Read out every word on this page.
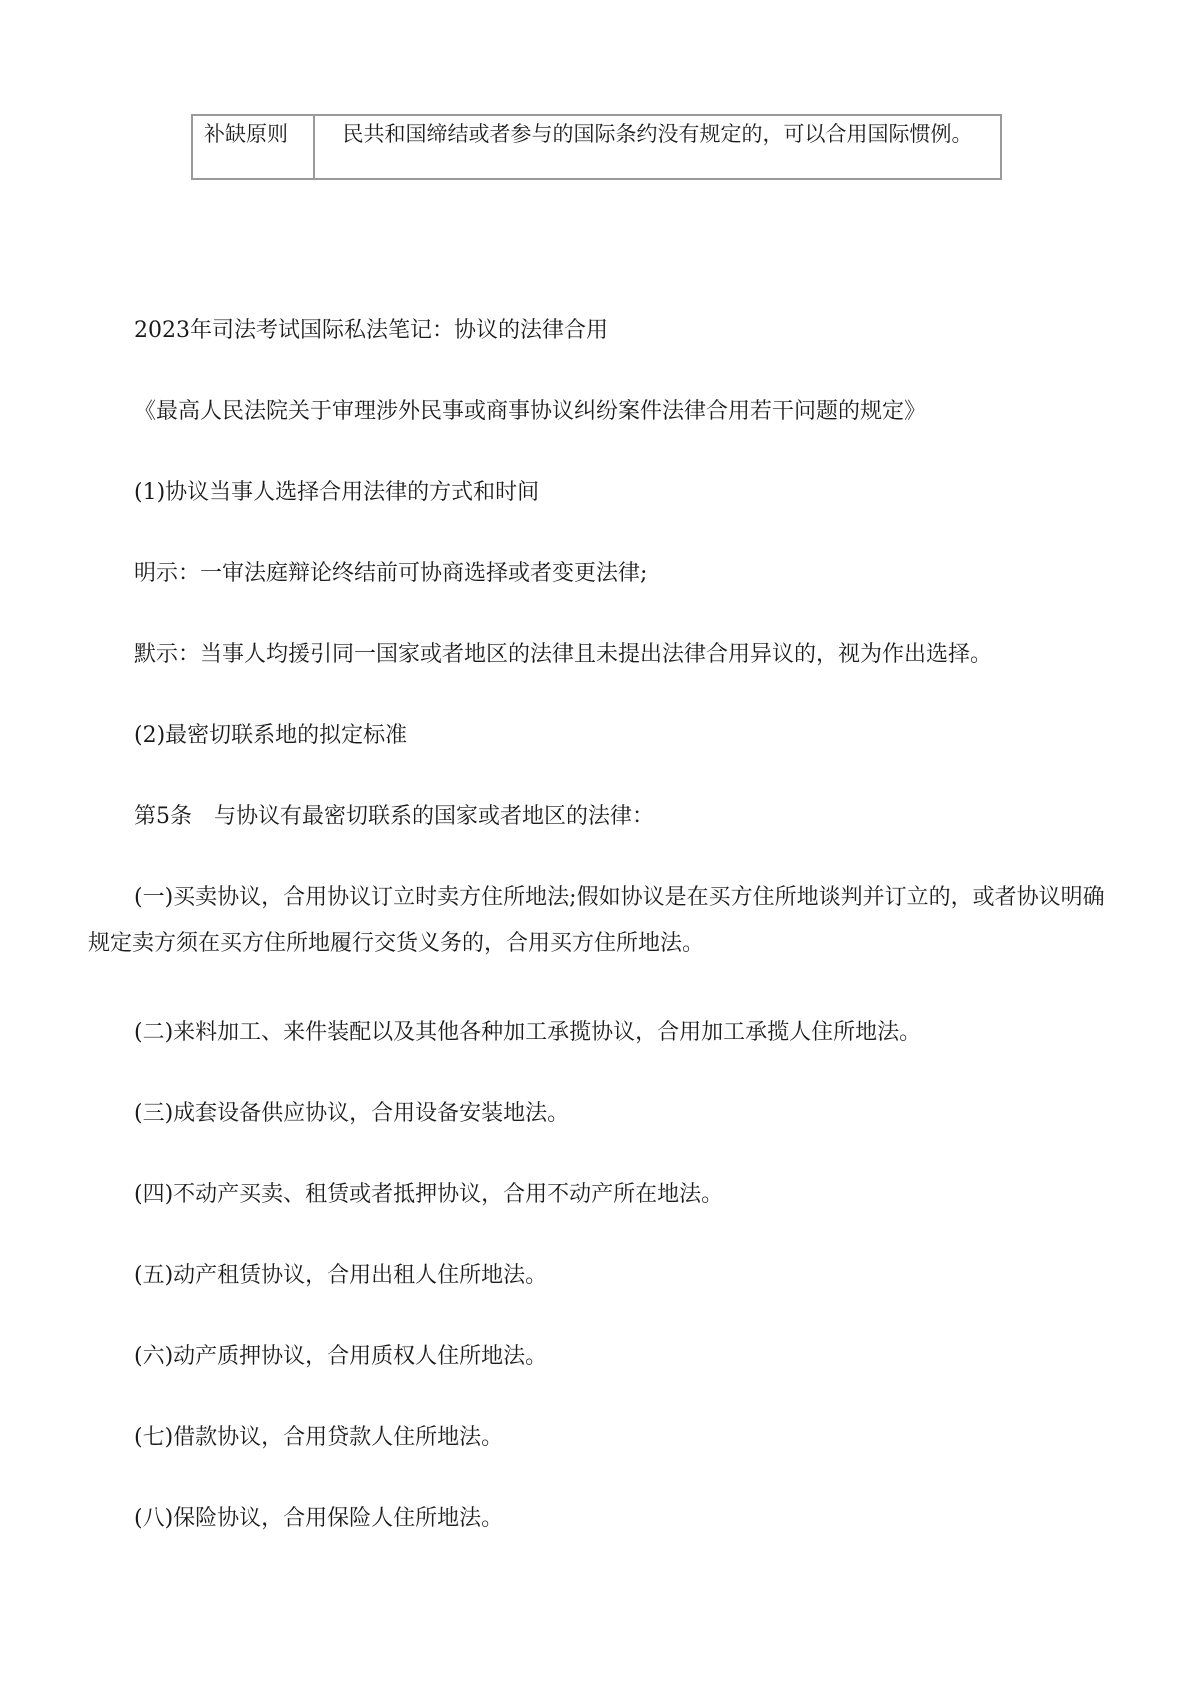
补缺原则	民共和国缔结或者参与的国际条约没有规定的，可以合用国际惯例。
2023年司法考试国际私法笔记：协议的法律合用
《最高人民法院关于审理涉外民事或商事协议纠纷案件法律合用若干问题的规定》
(1)协议当事人选择合用法律的方式和时间
明示：一审法庭辩论终结前可协商选择或者变更法律;
默示：当事人均援引同一国家或者地区的法律且未提出法律合用异议的，视为作出选择。
(2)最密切联系地的拟定标准
第5条　与协议有最密切联系的国家或者地区的法律：
(一)买卖协议，合用协议订立时卖方住所地法;假如协议是在买方住所地谈判并订立的，或者协议明确规定卖方须在买方住所地履行交货义务的，合用买方住所地法。
(二)来料加工、来件装配以及其他各种加工承揽协议，合用加工承揽人住所地法。
(三)成套设备供应协议，合用设备安装地法。
(四)不动产买卖、租赁或者抵押协议，合用不动产所在地法。
(五)动产租赁协议，合用出租人住所地法。
(六)动产质押协议，合用质权人住所地法。
(七)借款协议，合用贷款人住所地法。
(八)保险协议，合用保险人住所地法。
